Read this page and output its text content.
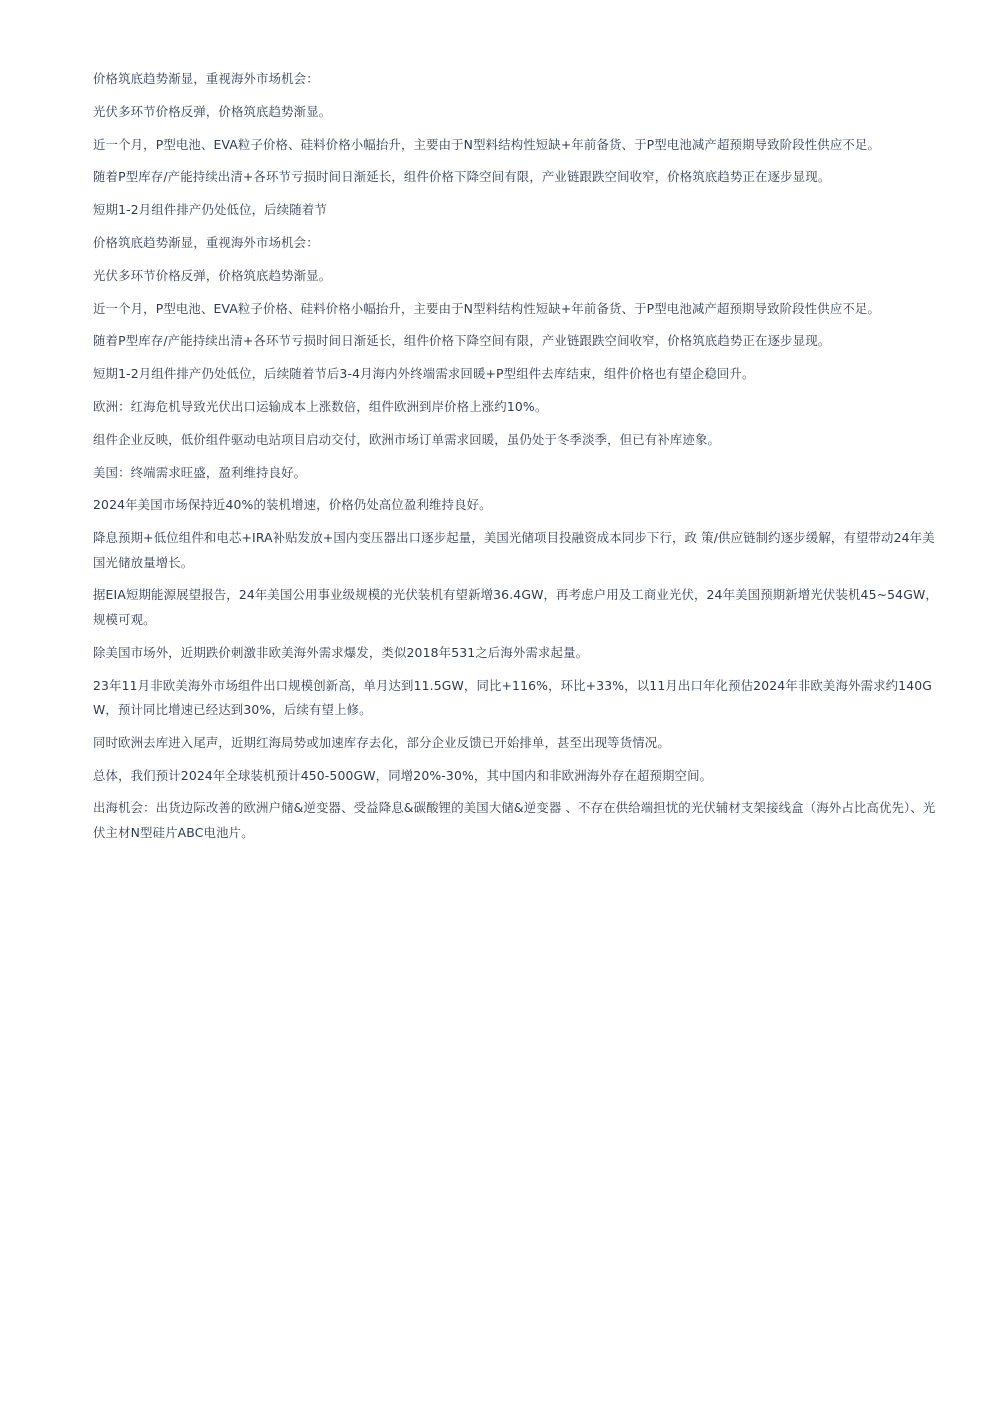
价格筑底趋势渐显，重视海外市场机会：

光伏多环节价格反弹，价格筑底趋势渐显。

近一个月，P型电池、EVA粒子价格、硅料价格小幅抬升，主要由于N型料结构性短缺+年前备货、于P型电池减产超预期导致阶段性供应不足。

随着P型库存/产能持续出清+各环节亏损时间日渐延长，组件价格下降空间有限，产业链跟跌空间收窄，价格筑底趋势正在逐步显现。

短期1-2月组件排产仍处低位，后续随着节

价格筑底趋势渐显，重视海外市场机会：

光伏多环节价格反弹，价格筑底趋势渐显。

近一个月，P型电池、EVA粒子价格、硅料价格小幅抬升，主要由于N型料结构性短缺+年前备货、于P型电池减产超预期导致阶段性供应不足。

随着P型库存/产能持续出清+各环节亏损时间日渐延长，组件价格下降空间有限，产业链跟跌空间收窄，价格筑底趋势正在逐步显现。

短期1-2月组件排产仍处低位，后续随着节后3-4月海内外终端需求回暖+P型组件去库结束，组件价格也有望企稳回升。

欧洲：红海危机导致光伏出口运输成本上涨数倍，组件欧洲到岸价格上涨约10%。

组件企业反映，低价组件驱动电站项目启动交付，欧洲市场订单需求回暖，虽仍处于冬季淡季，但已有补库迹象。

美国：终端需求旺盛，盈利维持良好。

2024年美国市场保持近40%的装机增速，价格仍处高位盈利维持良好。

降息预期+低位组件和电芯+IRA补贴发放+国内变压器出口逐步起量，美国光储项目投融资成本同步下行，政 策/供应链制约逐步缓解，有望带动24年美国光储放量增长。

据EIA短期能源展望报告，24年美国公用事业级规模的光伏装机有望新增36.4GW，再考虑户用及工商业光伏，24年美国预期新增光伏装机45~54GW，规模可观。

除美国市场外，近期跌价刺激非欧美海外需求爆发，类似2018年531之后海外需求起量。

23年11月非欧美海外市场组件出口规模创新高，单月达到11.5GW，同比+116%，环比+33%，以11月出口年化预估2024年非欧美海外需求约140GW，预计同比增速已经达到30%，后续有望上修。

同时欧洲去库进入尾声，近期红海局势或加速库存去化，部分企业反馈已开始排单，甚至出现等货情况。

总体，我们预计2024年全球装机预计450-500GW，同增20%-30%，其中国内和非欧洲海外存在超预期空间。

出海机会：出货边际改善的欧洲户储&逆变器、受益降息&碳酸锂的美国大储&逆变器 、不存在供给端担忧的光伏辅材支架接线盒（海外占比高优先）、光伏主材N型硅片ABC电池片。
